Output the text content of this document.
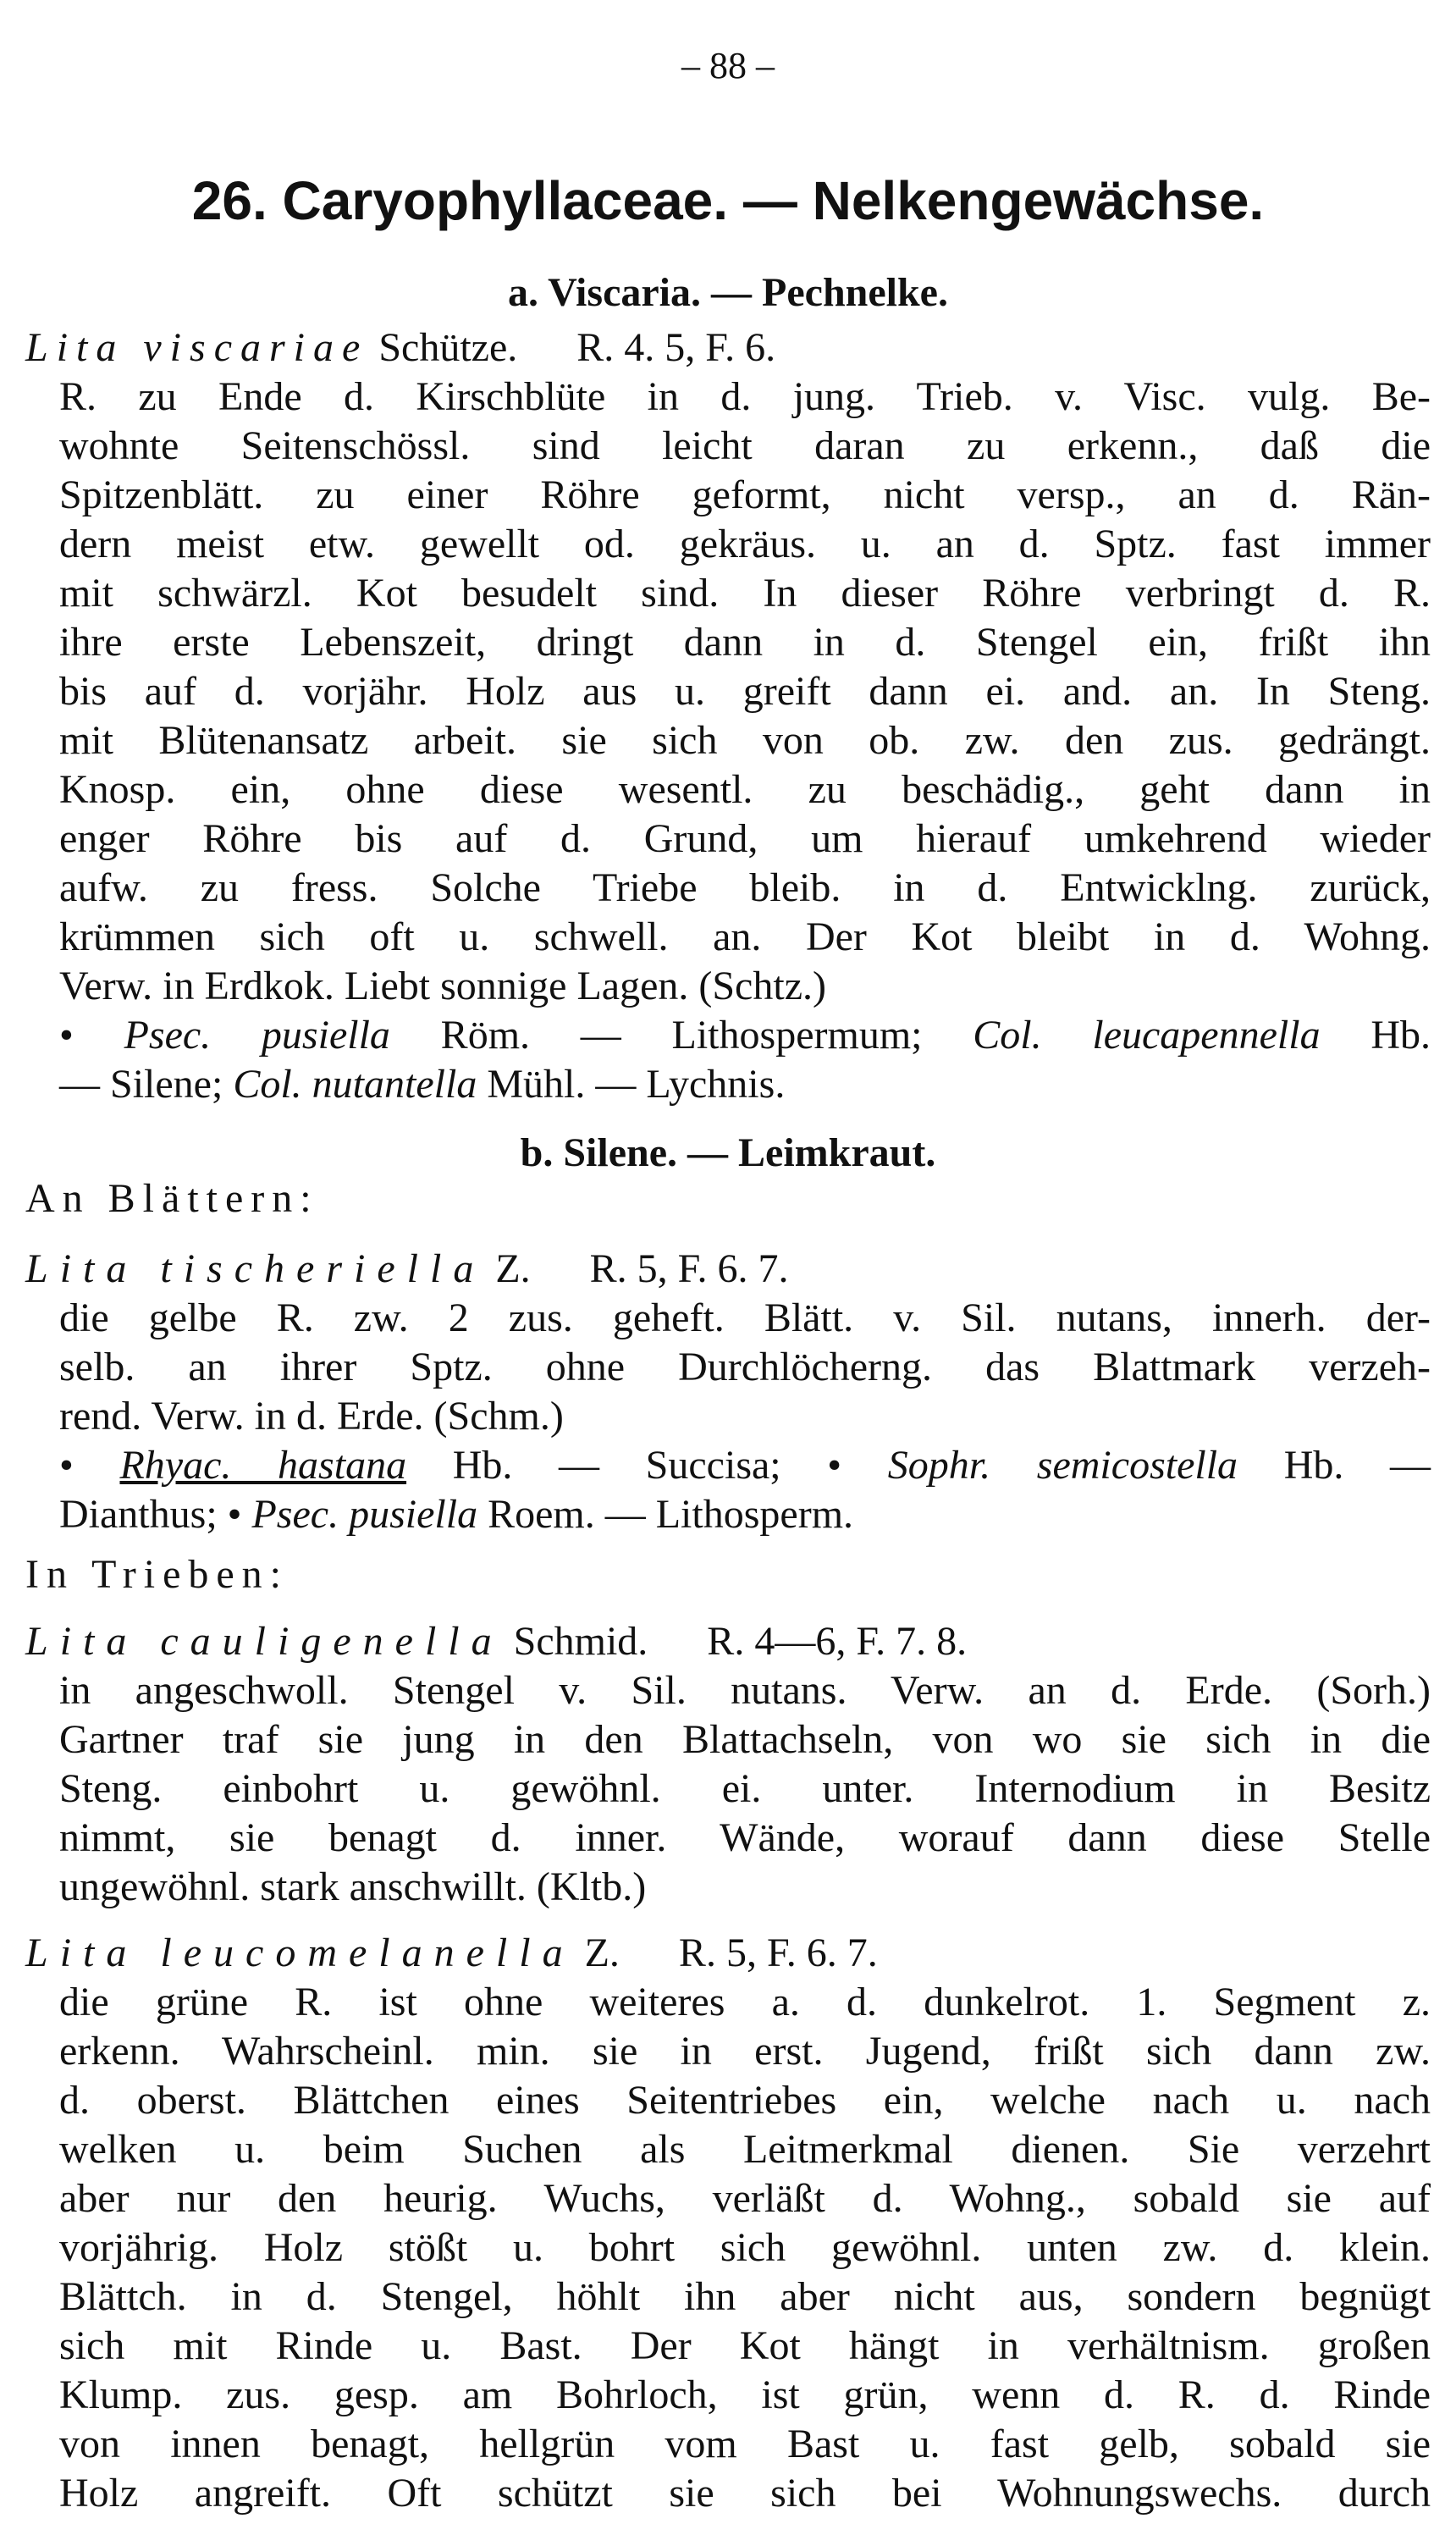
– 88 –
26. Caryophyllaceae. — Nelkengewächse.
a. Viscaria. — Pechnelke.
Lita viscariae Schütze. R. 4. 5, F. 6.
R. zu Ende d. Kirschblüte in d. jung. Trieb. v. Visc. vulg. Be-
wohnte Seitenschössl. sind leicht daran zu erkenn., daß die
Spitzenblätt. zu einer Röhre geformt, nicht versp., an d. Rän-
dern meist etw. gewellt od. gekräus. u. an d. Sptz. fast immer
mit schwärzl. Kot besudelt sind. In dieser Röhre verbringt d. R.
ihre erste Lebenszeit, dringt dann in d. Stengel ein, frißt ihn
bis auf d. vorjähr. Holz aus u. greift dann ei. and. an. In Steng.
mit Blütenansatz arbeit. sie sich von ob. zw. den zus. gedrängt.
Knosp. ein, ohne diese wesentl. zu beschädig., geht dann in
enger Röhre bis auf d. Grund, um hierauf umkehrend wieder
aufw. zu fress. Solche Triebe bleib. in d. Entwicklng. zurück,
krümmen sich oft u. schwell. an. Der Kot bleibt in d. Wohng.
Verw. in Erdkok. Liebt sonnige Lagen. (Schtz.)
• Psec. pusiella Röm. — Lithospermum; Col. leucapennella Hb.
— Silene; Col. nutantella Mühl. — Lychnis.
b. Silene. — Leimkraut.
An Blättern:
Lita tischeriella Z. R. 5, F. 6. 7.
die gelbe R. zw. 2 zus. geheft. Blätt. v. Sil. nutans, innerh. der-
selb. an ihrer Sptz. ohne Durchlöcherng. das Blattmark verzeh-
rend. Verw. in d. Erde. (Schm.)
• Rhyac. hastana Hb. — Succisa; • Sophr. semicostella Hb. —
Dianthus; • Psec. pusiella Roem. — Lithosperm.
In Trieben:
Lita cauligenella Schmid. R. 4—6, F. 7. 8.
in angeschwoll. Stengel v. Sil. nutans. Verw. an d. Erde. (Sorh.)
Gartner traf sie jung in den Blattachseln, von wo sie sich in die
Steng. einbohrt u. gewöhnl. ei. unter. Internodium in Besitz
nimmt, sie benagt d. inner. Wände, worauf dann diese Stelle
ungewöhnl. stark anschwillt. (Kltb.)
Lita leucomelanella Z. R. 5, F. 6. 7.
die grüne R. ist ohne weiteres a. d. dunkelrot. 1. Segment z.
erkenn. Wahrscheinl. min. sie in erst. Jugend, frißt sich dann zw.
d. oberst. Blättchen eines Seitentriebes ein, welche nach u. nach
welken u. beim Suchen als Leitmerkmal dienen. Sie verzehrt
aber nur den heurig. Wuchs, verläßt d. Wohng., sobald sie auf
vorjährig. Holz stößt u. bohrt sich gewöhnl. unten zw. d. klein.
Blättch. in d. Stengel, höhlt ihn aber nicht aus, sondern begnügt
sich mit Rinde u. Bast. Der Kot hängt in verhältnism. großen
Klump. zus. gesp. am Bohrloch, ist grün, wenn d. R. d. Rinde
von innen benagt, hellgrün vom Bast u. fast gelb, sobald sie
Holz angreift. Oft schützt sie sich bei Wohnungswechs. durch
